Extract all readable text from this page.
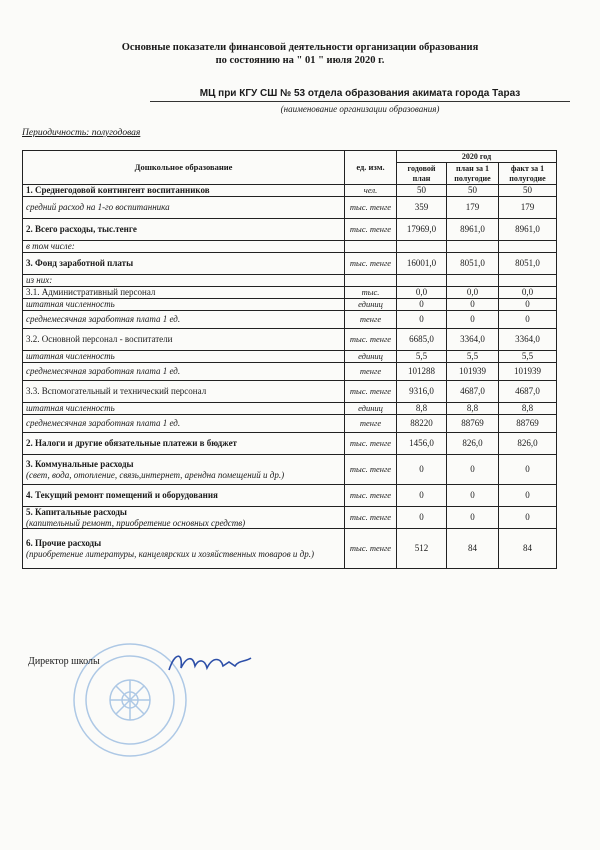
Основные показатели финансовой деятельности организации образования
по состоянию на " 01 " июля 2020 г.
МЦ при КГУ СШ № 53 отдела образования акимата города Тараз
(наименование организации образования)
Периодичность: полугодовая
Дошкольное образование	ед. изм.	2020 год		
		годовой план	план за 1 полугодие	факт за 1 полугодие
1. Среднегодовой контингент воспитанников	чел.	50	50	50
средний расход на 1-го воспитанника	тыс. тенге	359	179	179
2. Всего расходы, тыс.тенге	тыс. тенге	17969,0	8961,0	8961,0
в том числе:				
3. Фонд заработной платы	тыс. тенге	16001,0	8051,0	8051,0
из них:				
3.1. Административный персонал	тыс.	0,0	0,0	0,0
штатная численность	единиц	0	0	0
среднемесячная заработная плата 1 ед.	тенге	0	0	0
3.2. Основной персонал - воспитатели	тыс. тенге	6685,0	3364,0	3364,0
штатная численность	единиц	5,5	5,5	5,5
среднемесячная заработная плата 1 ед.	тенге	101288	101939	101939
3.3. Вспомогательный и технический персонал	тыс. тенге	9316,0	4687,0	4687,0
штатная численность	единиц	8,8	8,8	8,8
среднемесячная заработная плата 1 ед.	тенге	88220	88769	88769
2. Налоги и другие обязательные платежи в бюджет	тыс. тенге	1456,0	826,0	826,0
3. Коммунальные расходы
(свет, вода, отопление, связь,интернет, арендна помещений и др.)	тыс. тенге	0	0	0
4. Текущий ремонт помещений и оборудования	тыс. тенге	0	0	0
5. Капитальные расходы
(капительный ремонт, приобретение основных средств)	тыс. тенге	0	0	0
6. Прочие расходы
(приобретение литературы, канцелярских и хозяйственных товаров и др.)	тыс. тенге	512	84	84
Директор школы
